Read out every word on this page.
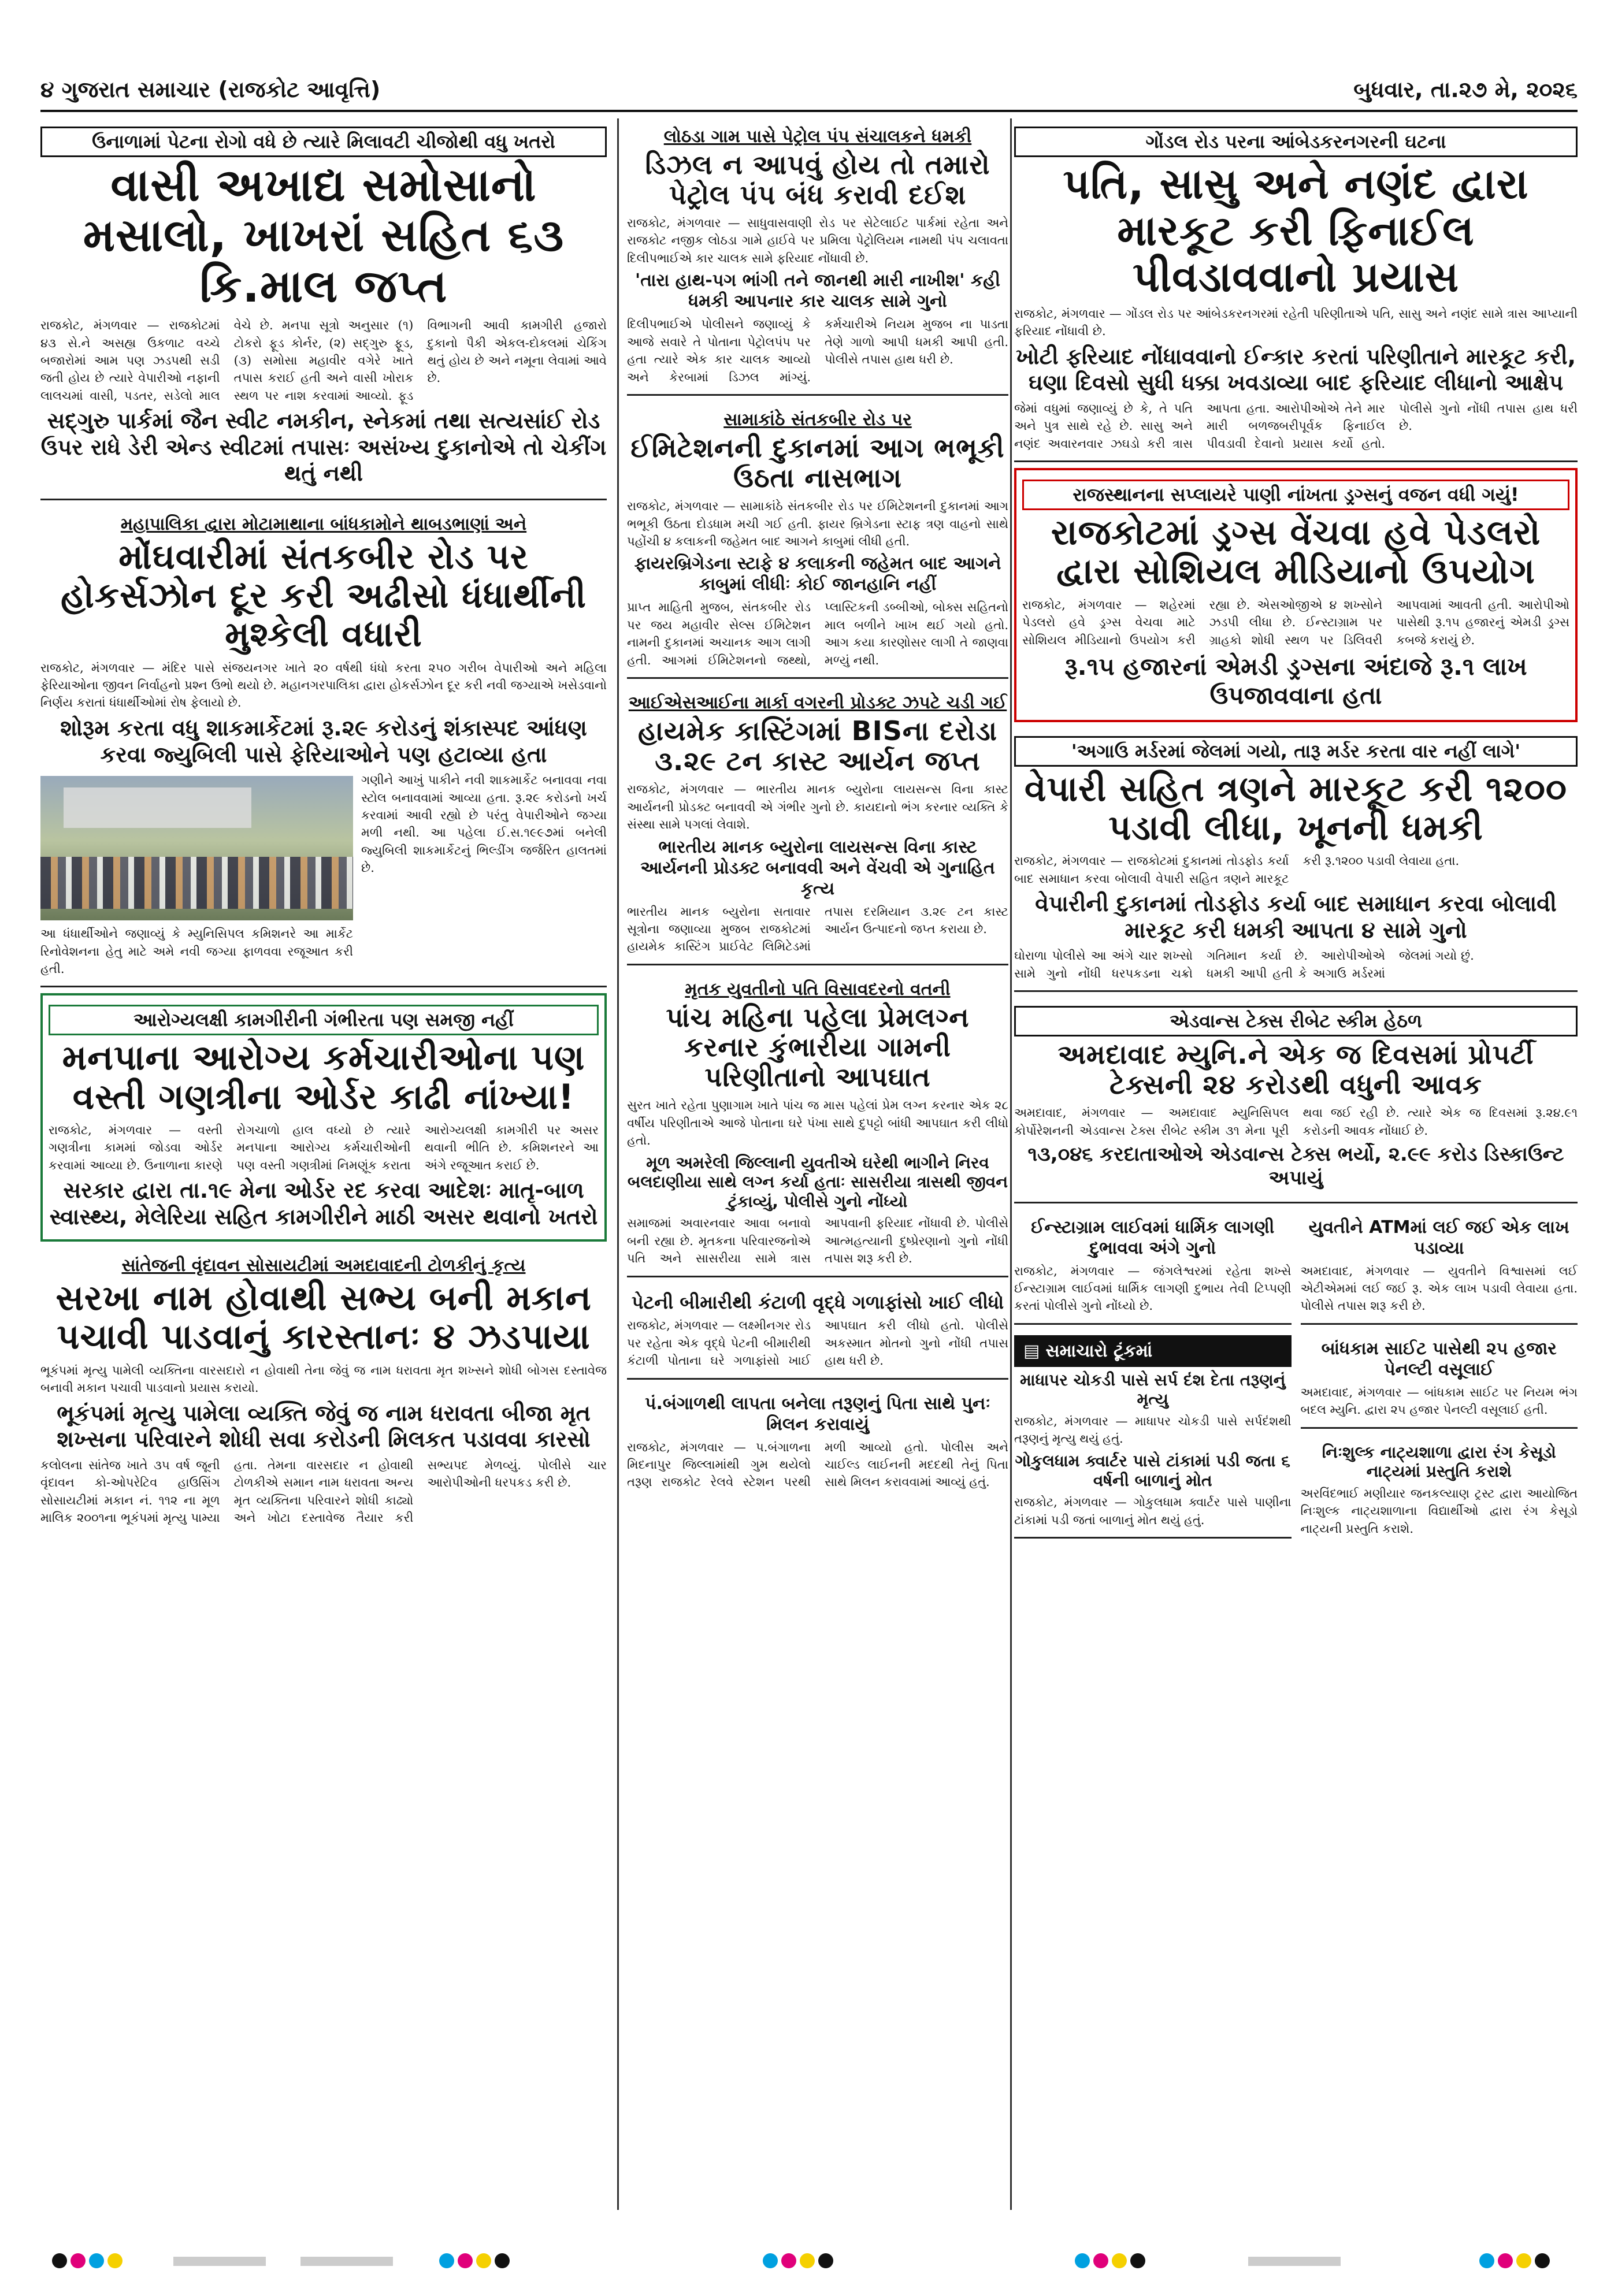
૪ ગુજરાત સમાચાર (રાજકોટ આવૃત્તિ)	બુધવાર, તા.૨૭ મે, ૨૦૨૬
ઉનાળામાં પેટના રોગો વધે છે ત્યારે મિલાવટી ચીજોથી વધુ ખતરો
વાસી અખાદ્ય સમોસાનો મસાલો, ખાખરાં સહિત ૬૩ કિ.માલ જપ્ત
રાજકોટ, મંગળવાર — રાજકોટમાં ૪૩ સે.ને અસહ્ય ઉકળાટ વચ્ચે બજારોમાં આમ પણ ઝડપથી સડી જતી હોય છે ત્યારે વેપારીઓ નફાની લાલચમાં વાસી, પડતર, સડેલો માલ વેચે છે. મનપા સૂત્રો અનુસાર (૧) ટોકરો ફૂડ કોર્નર, (૨) સદ્ગુરુ ફૂડ, (૩) સમોસા મહાવીર વગેરે ખાતે તપાસ કરાઈ હતી અને વાસી ખોરાક સ્થળ પર નાશ કરવામાં આવ્યો. ફૂડ વિભાગની આવી કામગીરી હજારો દુકાનો પૈકી એકલ-દોકલમાં ચેકિંગ થતું હોય છે અને નમૂના લેવામાં આવે છે.
સદ્ગુરુ પાર્કમાં જૈન સ્વીટ નમકીન, સ્નેકમાં તથા સત્યસાંઈ રોડ ઉપર રાધે ડેરી એન્ડ સ્વીટમાં તપાસઃ અસંખ્ય દુકાનોએ તો ચેકીંગ થતું નથી
મહાપાલિકા દ્વારા મોટામાથાના બાંધકામોને થાબડભાણાં અને
મોંઘવારીમાં સંતકબીર રોડ પર હોકર્સઝોન દૂર કરી અઢીસો ધંધાર્થીની મુશ્કેલી વધારી
રાજકોટ, મંગળવાર — મંદિર પાસે સંજયનગર ખાતે ૨૦ વર્ષથી ધંધો કરતા ૨૫૦ ગરીબ વેપારીઓ અને મહિલા ફેરિયાઓના જીવન નિર્વાહનો પ્રશ્ન ઉભો થયો છે. મહાનગરપાલિકા દ્વારા હોકર્સઝોન દૂર કરી નવી જગ્યાએ ખસેડવાનો નિર્ણય કરાતાં ધંધાર્થીઓમાં રોષ ફેલાયો છે.
શોરૂમ કરતા વધુ શાકમાર્કેટમાં રૂ.૨૯ કરોડનું શંકાસ્પદ આંધણ કરવા જ્યુબિલી પાસે ફેરિયાઓને પણ હટાવ્યા હતા
આ ધંધાર્થીઓને જણાવ્યું કે મ્યુનિસિપલ કમિશનરે આ માર્કેટ રિનોવેશનના હેતુ માટે અમે નવી જગ્યા ફાળવવા રજૂઆત કરી હતી.
ગણીને આખું પાકીને નવી શાકમાર્કેટ બનાવવા નવા સ્ટોલ બનાવવામાં આવ્યા હતા. રૂ.૨૯ કરોડનો ખર્ચ કરવામાં આવી રહ્યો છે પરંતુ વેપારીઓને જગ્યા મળી નથી. આ પહેલા ઈ.સ.૧૯૯૭માં બનેલી જ્યુબિલી શાકમાર્કેટનું ભિલ્ડીંગ જર્જરિત હાલતમાં છે.
આરોગ્યલક્ષી કામગીરીની ગંભીરતા પણ સમજી નહીં
મનપાના આરોગ્ય કર્મચારીઓના પણ વસ્તી ગણત્રીના ઓર્ડર કાઢી નાંખ્યા!
રાજકોટ, મંગળવાર — વસ્તી ગણત્રીના કામમાં જોડવા ઓર્ડર કરવામાં આવ્યા છે. ઉનાળાના કારણે રોગચાળો હાલ વધ્યો છે ત્યારે મનપાના આરોગ્ય કર્મચારીઓની પણ વસ્તી ગણત્રીમાં નિમણૂંક કરાતા આરોગ્યલક્ષી કામગીરી પર અસર થવાની ભીતિ છે. કમિશનરને આ અંગે રજૂઆત કરાઈ છે.
સરકાર દ્વારા તા.૧૯ મેના ઓર્ડર રદ કરવા આદેશઃ માતૃ-બાળ સ્વાસ્થ્ય, મેલેરિયા સહિત કામગીરીને માઠી અસર થવાનો ખતરો
સાંતેજની વૃંદાવન સોસાયટીમાં અમદાવાદની ટોળકીનું કૃત્ય
સરખા નામ હોવાથી સભ્ય બની મકાન પચાવી પાડવાનું કારસ્તાનઃ ૪ ઝડપાયા
ભૂકંપમાં મૃત્યુ પામેલી વ્યક્તિના વારસદારો ન હોવાથી તેના જેવું જ નામ ધરાવતા મૃત શખ્સને શોધી બોગસ દસ્તાવેજ બનાવી મકાન પચાવી પાડવાનો પ્રયાસ કરાયો.
ભૂકંપમાં મૃત્યુ પામેલા વ્યક્તિ જેવું જ નામ ધરાવતા બીજા મૃત શખ્સના પરિવારને શોધી સવા કરોડની મિલકત પડાવવા કારસો
કલોલના સાંતેજ ખાતે ૩૫ વર્ષ જૂની વૃંદાવન કો-ઓપરેટિવ હાઉસિંગ સોસાયટીમાં મકાન નં. ૧૧૨ ના મૂળ માલિક ૨૦૦૧ના ભૂકંપમાં મૃત્યુ પામ્યા હતા. તેમના વારસદાર ન હોવાથી ટોળકીએ સમાન નામ ધરાવતા અન્ય મૃત વ્યક્તિના પરિવારને શોધી કાઢ્યો અને ખોટા દસ્તાવેજ તૈયાર કરી સભ્યપદ મેળવ્યું. પોલીસે ચાર આરોપીઓની ધરપકડ કરી છે.
લોઠડા ગામ પાસે પેટ્રોલ પંપ સંચાલકને ધમકી
ડિઝલ ન આપવું હોય તો તમારો પેટ્રોલ પંપ બંધ કરાવી દઈશ
રાજકોટ, મંગળવાર — સાધુવાસવાણી રોડ પર સેટેલાઈટ પાર્કમાં રહેતા અને રાજકોટ નજીક લોઠડા ગામે હાઈવે પર પ્રમિલા પેટ્રોલિયમ નામથી પંપ ચલાવતા દિલીપભાઈએ કાર ચાલક સામે ફરિયાદ નોંધાવી છે.
'તારા હાથ-પગ ભાંગી તને જાનથી મારી નાખીશ' કહી ધમકી આપનાર કાર ચાલક સામે ગુનો
દિલીપભાઈએ પોલીસને જણાવ્યું કે આજે સવારે તે પોતાના પેટ્રોલપંપ પર હતા ત્યારે એક કાર ચાલક આવ્યો અને કેરબામાં ડિઝલ માંગ્યું. કર્મચારીએ નિયમ મુજબ ના પાડતા તેણે ગાળો આપી ધમકી આપી હતી. પોલીસે તપાસ હાથ ધરી છે.
સામાકાંઠે સંતકબીર રોડ પર
ઈમિટેશનની દુકાનમાં આગ ભભૂકી ઉઠતા નાસભાગ
રાજકોટ, મંગળવાર — સામાકાંઠે સંતકબીર રોડ પર ઈમિટેશનની દુકાનમાં આગ ભભૂકી ઉઠતા દોડધામ મચી ગઈ હતી. ફાયર બ્રિગેડના સ્ટાફ ત્રણ વાહનો સાથે પહોંચી ૪ કલાકની જહેમત બાદ આગને કાબુમાં લીધી હતી.
ફાયરબ્રિગેડના સ્ટાફે ૪ કલાકની જહેમત બાદ આગને કાબુમાં લીધીઃ કોઈ જાનહાનિ નહીં
પ્રાપ્ત માહિતી મુજબ, સંતકબીર રોડ પર જય મહાવીર સેલ્સ ઈમિટેશન નામની દુકાનમાં અચાનક આગ લાગી હતી. આગમાં ઈમિટેશનનો જથ્થો, પ્લાસ્ટિકની ડબ્બીઓ, બોક્સ સહિતનો માલ બળીને ખાખ થઈ ગયો હતો. આગ કયા કારણોસર લાગી તે જાણવા મળ્યું નથી.
આઈએસઆઈના માર્કા વગરની પ્રોડક્ટ ઝપટે ચડી ગઈ
હાયમેક કાસ્ટિંગમાં BISના દરોડા ૩.૨૯ ટન કાસ્ટ આર્યન જપ્ત
રાજકોટ, મંગળવાર — ભારતીય માનક બ્યુરોના લાયસન્સ વિના કાસ્ટ આર્યનની પ્રોડક્ટ બનાવવી એ ગંભીર ગુનો છે. કાયદાનો ભંગ કરનાર વ્યક્તિ કે સંસ્થા સામે પગલાં લેવાશે.
ભારતીય માનક બ્યુરોના લાયસન્સ વિના કાસ્ટ આર્યનની પ્રોડક્ટ બનાવવી અને વેંચવી એ ગુનાહિત કૃત્ય
ભારતીય માનક બ્યુરોના સતાવાર સૂત્રોના જણાવ્યા મુજબ રાજકોટમાં હાયમેક કાસ્ટિંગ પ્રાઈવેટ લિમિટેડમાં તપાસ દરમિયાન ૩.૨૯ ટન કાસ્ટ આર્યન ઉત્પાદનો જપ્ત કરાયા છે.
મૃતક યુવતીનો પતિ વિસાવદરનો વતની
પાંચ મહિના પહેલા પ્રેમલગ્ન કરનાર કુંભારીયા ગામની પરિણીતાનો આપઘાત
સુરત ખાતે રહેતા પુણાગામ ખાતે પાંચ જ માસ પહેલાં પ્રેમ લગ્ન કરનાર એક ૨૮ વર્ષીય પરિણીતાએ આજે પોતાના ઘરે પંખા સાથે દુપટ્ટો બાંધી આપઘાત કરી લીધો હતો.
મૂળ અમરેલી જિલ્લાની યુવતીએ ઘરેથી ભાગીને નિરવ બલદાણીયા સાથે લગ્ન કર્યા હતાઃ સાસરીયા ત્રાસથી જીવન ટુંકાવ્યું, પોલીસે ગુનો નોંધ્યો
સમાજમાં અવારનવાર આવા બનાવો બની રહ્યા છે. મૃતકના પરિવારજનોએ પતિ અને સાસરીયા સામે ત્રાસ આપવાની ફરિયાદ નોંધાવી છે. પોલીસે આત્મહત્યાની દુષ્પ્રેરણાનો ગુનો નોંધી તપાસ શરૂ કરી છે.
પેટની બીમારીથી કંટાળી વૃદ્ધે ગળાફાંસો ખાઈ લીધો
રાજકોટ, મંગળવાર — લક્ષ્મીનગર રોડ પર રહેતા એક વૃદ્ધે પેટની બીમારીથી કંટાળી પોતાના ઘરે ગળાફાંસો ખાઈ આપઘાત કરી લીધો હતો. પોલીસે અકસ્માત મોતનો ગુનો નોંધી તપાસ હાથ ધરી છે.
પં.બંગાળથી લાપતા બનેલા તરૂણનું પિતા સાથે પુનઃ મિલન કરાવાયું
રાજકોટ, મંગળવાર — પ.બંગાળના મિદનાપુર જિલ્લામાંથી ગુમ થયેલો તરૂણ રાજકોટ રેલવે સ્ટેશન પરથી મળી આવ્યો હતો. પોલીસ અને ચાઈલ્ડ લાઈનની મદદથી તેનું પિતા સાથે મિલન કરાવવામાં આવ્યું હતું.
ગોંડલ રોડ પરના આંબેડકરનગરની ઘટના
પતિ, સાસુ અને નણંદ દ્વારા મારકૂટ કરી ફિનાઈલ પીવડાવવાનો પ્રયાસ
રાજકોટ, મંગળવાર — ગોંડલ રોડ પર આંબેડકરનગરમાં રહેતી પરિણીતાએ પતિ, સાસુ અને નણંદ સામે ત્રાસ આપ્યાની ફરિયાદ નોંધાવી છે.
ખોટી ફરિયાદ નોંધાવવાનો ઈન્કાર કરતાં પરિણીતાને મારકૂટ કરી, ઘણા દિવસો સુધી ધક્કા ખવડાવ્યા બાદ ફરિયાદ લીધાનો આક્ષેપ
જેમાં વધુમાં જણાવ્યું છે કે, તે પતિ અને પુત્ર સાથે રહે છે. સાસુ અને નણંદ અવારનવાર ઝઘડો કરી ત્રાસ આપતા હતા. આરોપીઓએ તેને માર મારી બળજબરીપૂર્વક ફિનાઈલ પીવડાવી દેવાનો પ્રયાસ કર્યો હતો. પોલીસે ગુનો નોંધી તપાસ હાથ ધરી છે.
રાજસ્થાનના સપ્લાયરે પાણી નાંખતા ડ્રગ્સનું વજન વધી ગયું!
રાજકોટમાં ડ્રગ્સ વેંચવા હવે પેડલરો દ્વારા સોશિયલ મીડિયાનો ઉપયોગ
રાજકોટ, મંગળવાર — શહેરમાં પેડલરો હવે ડ્રગ્સ વેચવા માટે સોશિયલ મીડિયાનો ઉપયોગ કરી રહ્યા છે. એસઓજીએ ૪ શખ્સોને ઝડપી લીધા છે. ઈન્સ્ટાગ્રામ પર ગ્રાહકો શોધી સ્થળ પર ડિલિવરી આપવામાં આવતી હતી. આરોપીઓ પાસેથી રૂ.૧૫ હજારનું એમડી ડ્રગ્સ કબજે કરાયું છે.
રૂ.૧૫ હજારનાં એમડી ડ્રગ્સના અંદાજે રૂ.૧ લાખ ઉપજાવવાના હતા
'અગાઉ મર્ડરમાં જેલમાં ગયો, તારૂ મર્ડર કરતા વાર નહીં લાગે'
વેપારી સહિત ત્રણને મારકૂટ કરી ૧૨૦૦ પડાવી લીધા, ખૂનની ધમકી
રાજકોટ, મંગળવાર — રાજકોટમાં દુકાનમાં તોડફોડ કર્યા બાદ સમાધાન કરવા બોલાવી વેપારી સહિત ત્રણને મારકૂટ કરી રૂ.૧૨૦૦ પડાવી લેવાયા હતા.
વેપારીની દુકાનમાં તોડફોડ કર્યા બાદ સમાધાન કરવા બોલાવી મારકૂટ કરી ધમકી આપતા ૪ સામે ગુનો
ઘોરાળા પોલીસે આ અંગે ચાર શખ્સો સામે ગુનો નોંધી ધરપકડના ચક્રો ગતિમાન કર્યા છે. આરોપીઓએ ધમકી આપી હતી કે અગાઉ મર્ડરમાં જેલમાં ગયો છું.
એડવાન્સ ટેક્સ રીબેટ સ્કીમ હેઠળ
અમદાવાદ મ્યુનિ.ને એક જ દિવસમાં પ્રોપર્ટી ટેક્સની ૨૪ કરોડથી વધુની આવક
અમદાવાદ, મંગળવાર — અમદાવાદ મ્યુનિસિપલ કોર્પોરેશનની એડવાન્સ ટેક્સ રીબેટ સ્કીમ ૩૧ મેના પૂરી થવા જઈ રહી છે. ત્યારે એક જ દિવસમાં રૂ.૨૪.૯૧ કરોડની આવક નોંધાઈ છે.
૧૩,૦૪૬ કરદાતાઓએ એડવાન્સ ટેક્સ ભર્યો, ૨.૯૯ કરોડ ડિસ્કાઉન્ટ અપાયું
ઈન્સ્ટાગ્રામ લાઈવમાં ધાર્મિક લાગણી દુભાવવા અંગે ગુનો
રાજકોટ, મંગળવાર — જંગલેશ્વરમાં રહેતા શખ્સે ઈન્સ્ટાગ્રામ લાઈવમાં ધાર્મિક લાગણી દુભાય તેવી ટિપ્પણી કરતાં પોલીસે ગુનો નોંધ્યો છે.
▤ સમાચારો ટૂંકમાં
માધાપર ચોકડી પાસે સર્પ દંશ દેતા તરૂણનું મૃત્યુ
રાજકોટ, મંગળવાર — માધાપર ચોકડી પાસે સર્પદંશથી તરૂણનું મૃત્યુ થયું હતું.
ગોકુલધામ ક્વાર્ટર પાસે ટાંકામાં પડી જતા ૬ વર્ષની બાળાનું મોત
રાજકોટ, મંગળવાર — ગોકુલધામ ક્વાર્ટર પાસે પાણીના ટાંકામાં પડી જતાં બાળાનું મોત થયું હતું.
યુવતીને ATMમાં લઈ જઈ એક લાખ પડાવ્યા
અમદાવાદ, મંગળવાર — યુવતીને વિશ્વાસમાં લઈ એટીએમમાં લઈ જઈ રૂ. એક લાખ પડાવી લેવાયા હતા. પોલીસે તપાસ શરૂ કરી છે.
બાંધકામ સાઈટ પાસેથી ૨૫ હજાર પેનલ્ટી વસૂલાઈ
અમદાવાદ, મંગળવાર — બાંધકામ સાઈટ પર નિયમ ભંગ બદલ મ્યુનિ. દ્વારા ૨૫ હજાર પેનલ્ટી વસૂલાઈ હતી.
નિઃશુલ્ક નાટ્યશાળા દ્વારા રંગ કેસૂડો નાટ્યમાં પ્રસ્તુતિ કરાશે
અરવિંદભાઈ મણીયાર જનકલ્યાણ ટ્રસ્ટ દ્વારા આયોજિત નિઃશુલ્ક નાટ્યશાળાના વિદ્યાર્થીઓ દ્વારા રંગ કેસૂડો નાટ્યની પ્રસ્તુતિ કરાશે.
